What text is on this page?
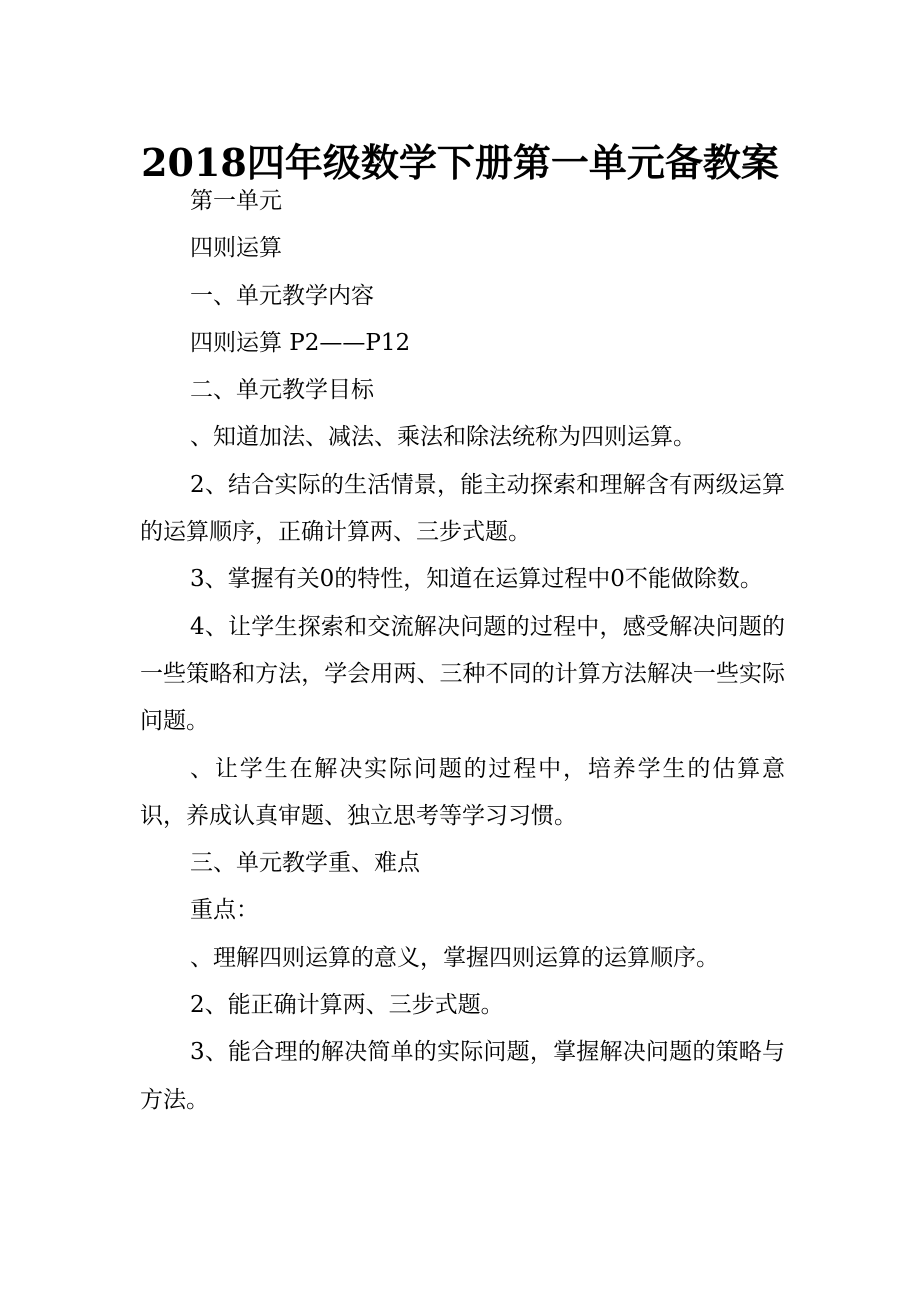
2018四年级数学下册第一单元备教案

第一单元

四则运算

一、单元教学内容

四则运算 P2——P12

二、单元教学目标

、知道加法、减法、乘法和除法统称为四则运算。

2、结合实际的生活情景，能主动探索和理解含有两级运算的运算顺序，正确计算两、三步式题。

3、掌握有关0的特性，知道在运算过程中0不能做除数。

4、让学生探索和交流解决问题的过程中，感受解决问题的一些策略和方法，学会用两、三种不同的计算方法解决一些实际问题。

、让学生在解决实际问题的过程中，培养学生的估算意识，养成认真审题、独立思考等学习习惯。

三、单元教学重、难点

重点：

、理解四则运算的意义，掌握四则运算的运算顺序。

2、能正确计算两、三步式题。

3、能合理的解决简单的实际问题，掌握解决问题的策略与方法。
